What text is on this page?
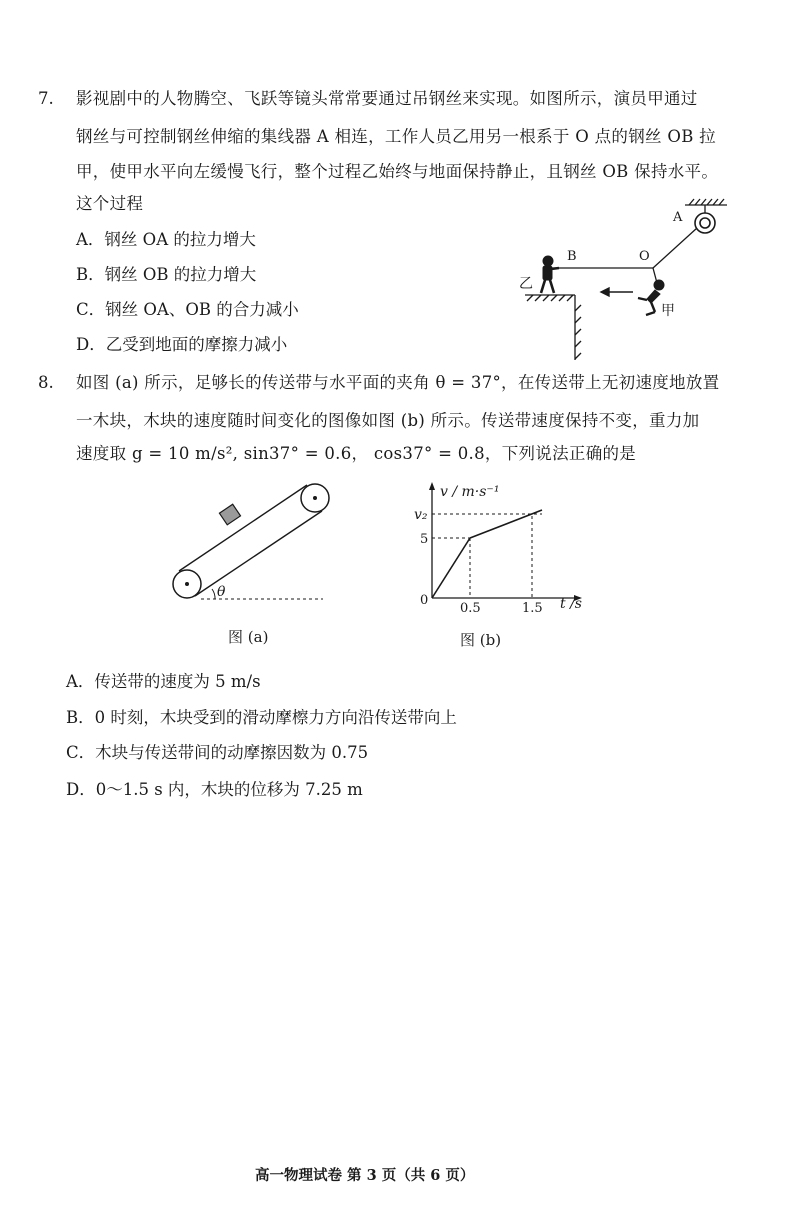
7. 影视剧中的人物腾空、飞跃等镜头常常要通过吊钢丝来实现。如图所示，演员甲通过
钢丝与可控制钢丝伸缩的集线器 A 相连，工作人员乙用另一根系于 O 点的钢丝 OB 拉
甲，使甲水平向左缓慢飞行，整个过程乙始终与地面保持静止，且钢丝 OB 保持水平。
这个过程
A．钢丝 OA 的拉力增大
B．钢丝 OB 的拉力增大
C．钢丝 OA、OB 的合力减小
D．乙受到地面的摩擦力减小
A
B	O
乙
甲
8. 如图 (a) 所示，足够长的传送带与水平面的夹角 θ = 37°，在传送带上无初速度地放置
一木块，木块的速度随时间变化的图像如图 (b) 所示。传送带速度保持不变，重力加
速度取 g = 10 m/s², sin37° = 0.6， cos37° = 0.8，下列说法正确的是
θ
图 (a)
v / m·s⁻¹
t /s
0
v₂
5
0.5	1.5
图 (b)
A．传送带的速度为 5 m/s
B．0 时刻，木块受到的滑动摩檫力方向沿传送带向上
C．木块与传送带间的动摩擦因数为 0.75
D．0～1.5 s 内，木块的位移为 7.25 m
高一物理试卷 第 3 页（共 6 页）
